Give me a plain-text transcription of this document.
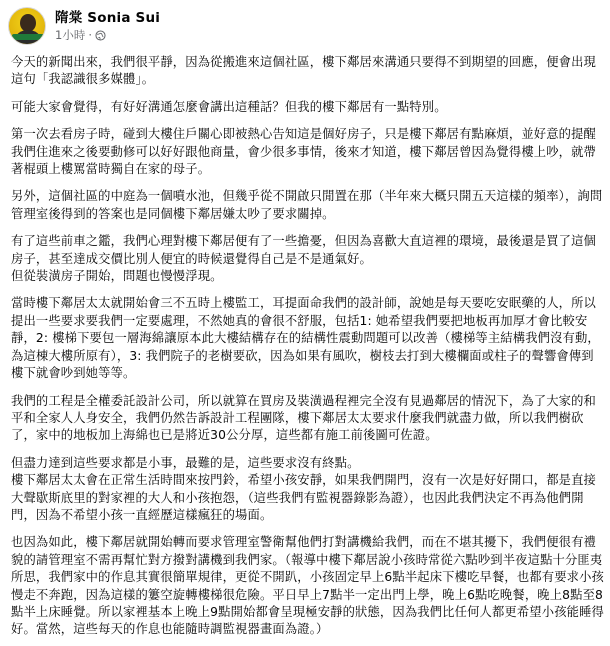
隋棠 Sonia Sui
1小時 ·

今天的新聞出來，我們很平靜，因為從搬進來這個社區，樓下鄰居來溝通只要得不到期望的回應，便會出現這句「我認識很多媒體」。

可能大家會覺得，有好好溝通怎麼會講出這種話？但我的樓下鄰居有一點特別。

第一次去看房子時，碰到大樓住戶關心即被熱心告知這是個好房子，只是樓下鄰居有點麻煩，並好意的提醒我們住進來之後要動修可以好好跟他商量，會少很多事情，後來才知道，樓下鄰居曾因為覺得樓上吵，就帶著棍頭上樓罵當時獨自在家的母子。

另外，這個社區的中庭為一個噴水池，但幾乎從不開啟只閒置在那（半年來大概只開五天這樣的頻率），詢問管理室後得到的答案也是同個樓下鄰居嫌太吵了要求關掉。

有了這些前車之鑑，我們心理對樓下鄰居便有了一些擔憂，但因為喜歡大直這裡的環境，最後還是買了這個房子，甚至達成交價比別人便宜的時候還覺得自己是不是通氣好。
但從裝潢房子開始，問題也慢慢浮現。

當時樓下鄰居太太就開始會三不五時上樓監工，耳提面命我們的設計師，說她是每天要吃安眠藥的人，所以提出一些要求要我們一定要處理，不然她真的會很不舒服，包括1: 她希望我們要把地板再加厚才會比較安靜，2: 樓梯下要包一層海綿讓原本此大樓結構存在的結構性震動問題可以改善（樓梯等主結構我們沒有動，為這棟大樓所原有），3: 我們院子的老樹要砍，因為如果有風吹，樹枝去打到大樓欄面或柱子的聲響會傳到樓下就會吵到她等等。

我們的工程是全權委託設計公司，所以就算在買房及裝潢過程裡完全沒有見過鄰居的情況下，為了大家的和平和全家人人身安全，我們仍然告訴設計工程團隊，樓下鄰居太太要求什麼我們就盡力做，所以我們樹砍了，家中的地板加上海綿也已是將近30公分厚，這些都有施工前後圖可佐證。

但盡力達到這些要求都是小事，最難的是，這些要求沒有終點。
樓下鄰居太太會在正常生活時間來按門鈴，希望小孩安靜，如果我們開門，沒有一次是好好開口，都是直接大聲歇斯底里的對家裡的大人和小孩抱怨，（這些我們有監視器錄影為證），也因此我們決定不再為他們開門，因為不希望小孩一直經歷這樣瘋狂的場面。

也因為如此，樓下鄰居就開始轉而要求管理室警衛幫他們打對講機給我們，而在不堪其擾下，我們便很有禮貌的請管理室不需再幫忙對方撥對講機到我們家。（報導中樓下鄰居說小孩時常從六點吵到半夜這點十分匪夷所思，我們家中的作息其實很簡單規律，更從不開趴，小孩固定早上6點半起床下樓吃早餐，也都有要求小孩慢走不奔跑，因為這樣的簍空旋轉樓梯很危險。平日早上7點半一定出門上學，晚上6點吃晚餐，晚上8點至8點半上床睡覺。所以家裡基本上晚上9點開始都會呈現極安靜的狀態，因為我們比任何人都更希望小孩能睡得好。當然，這些每天的作息也能隨時調監視器畫面為證。）
